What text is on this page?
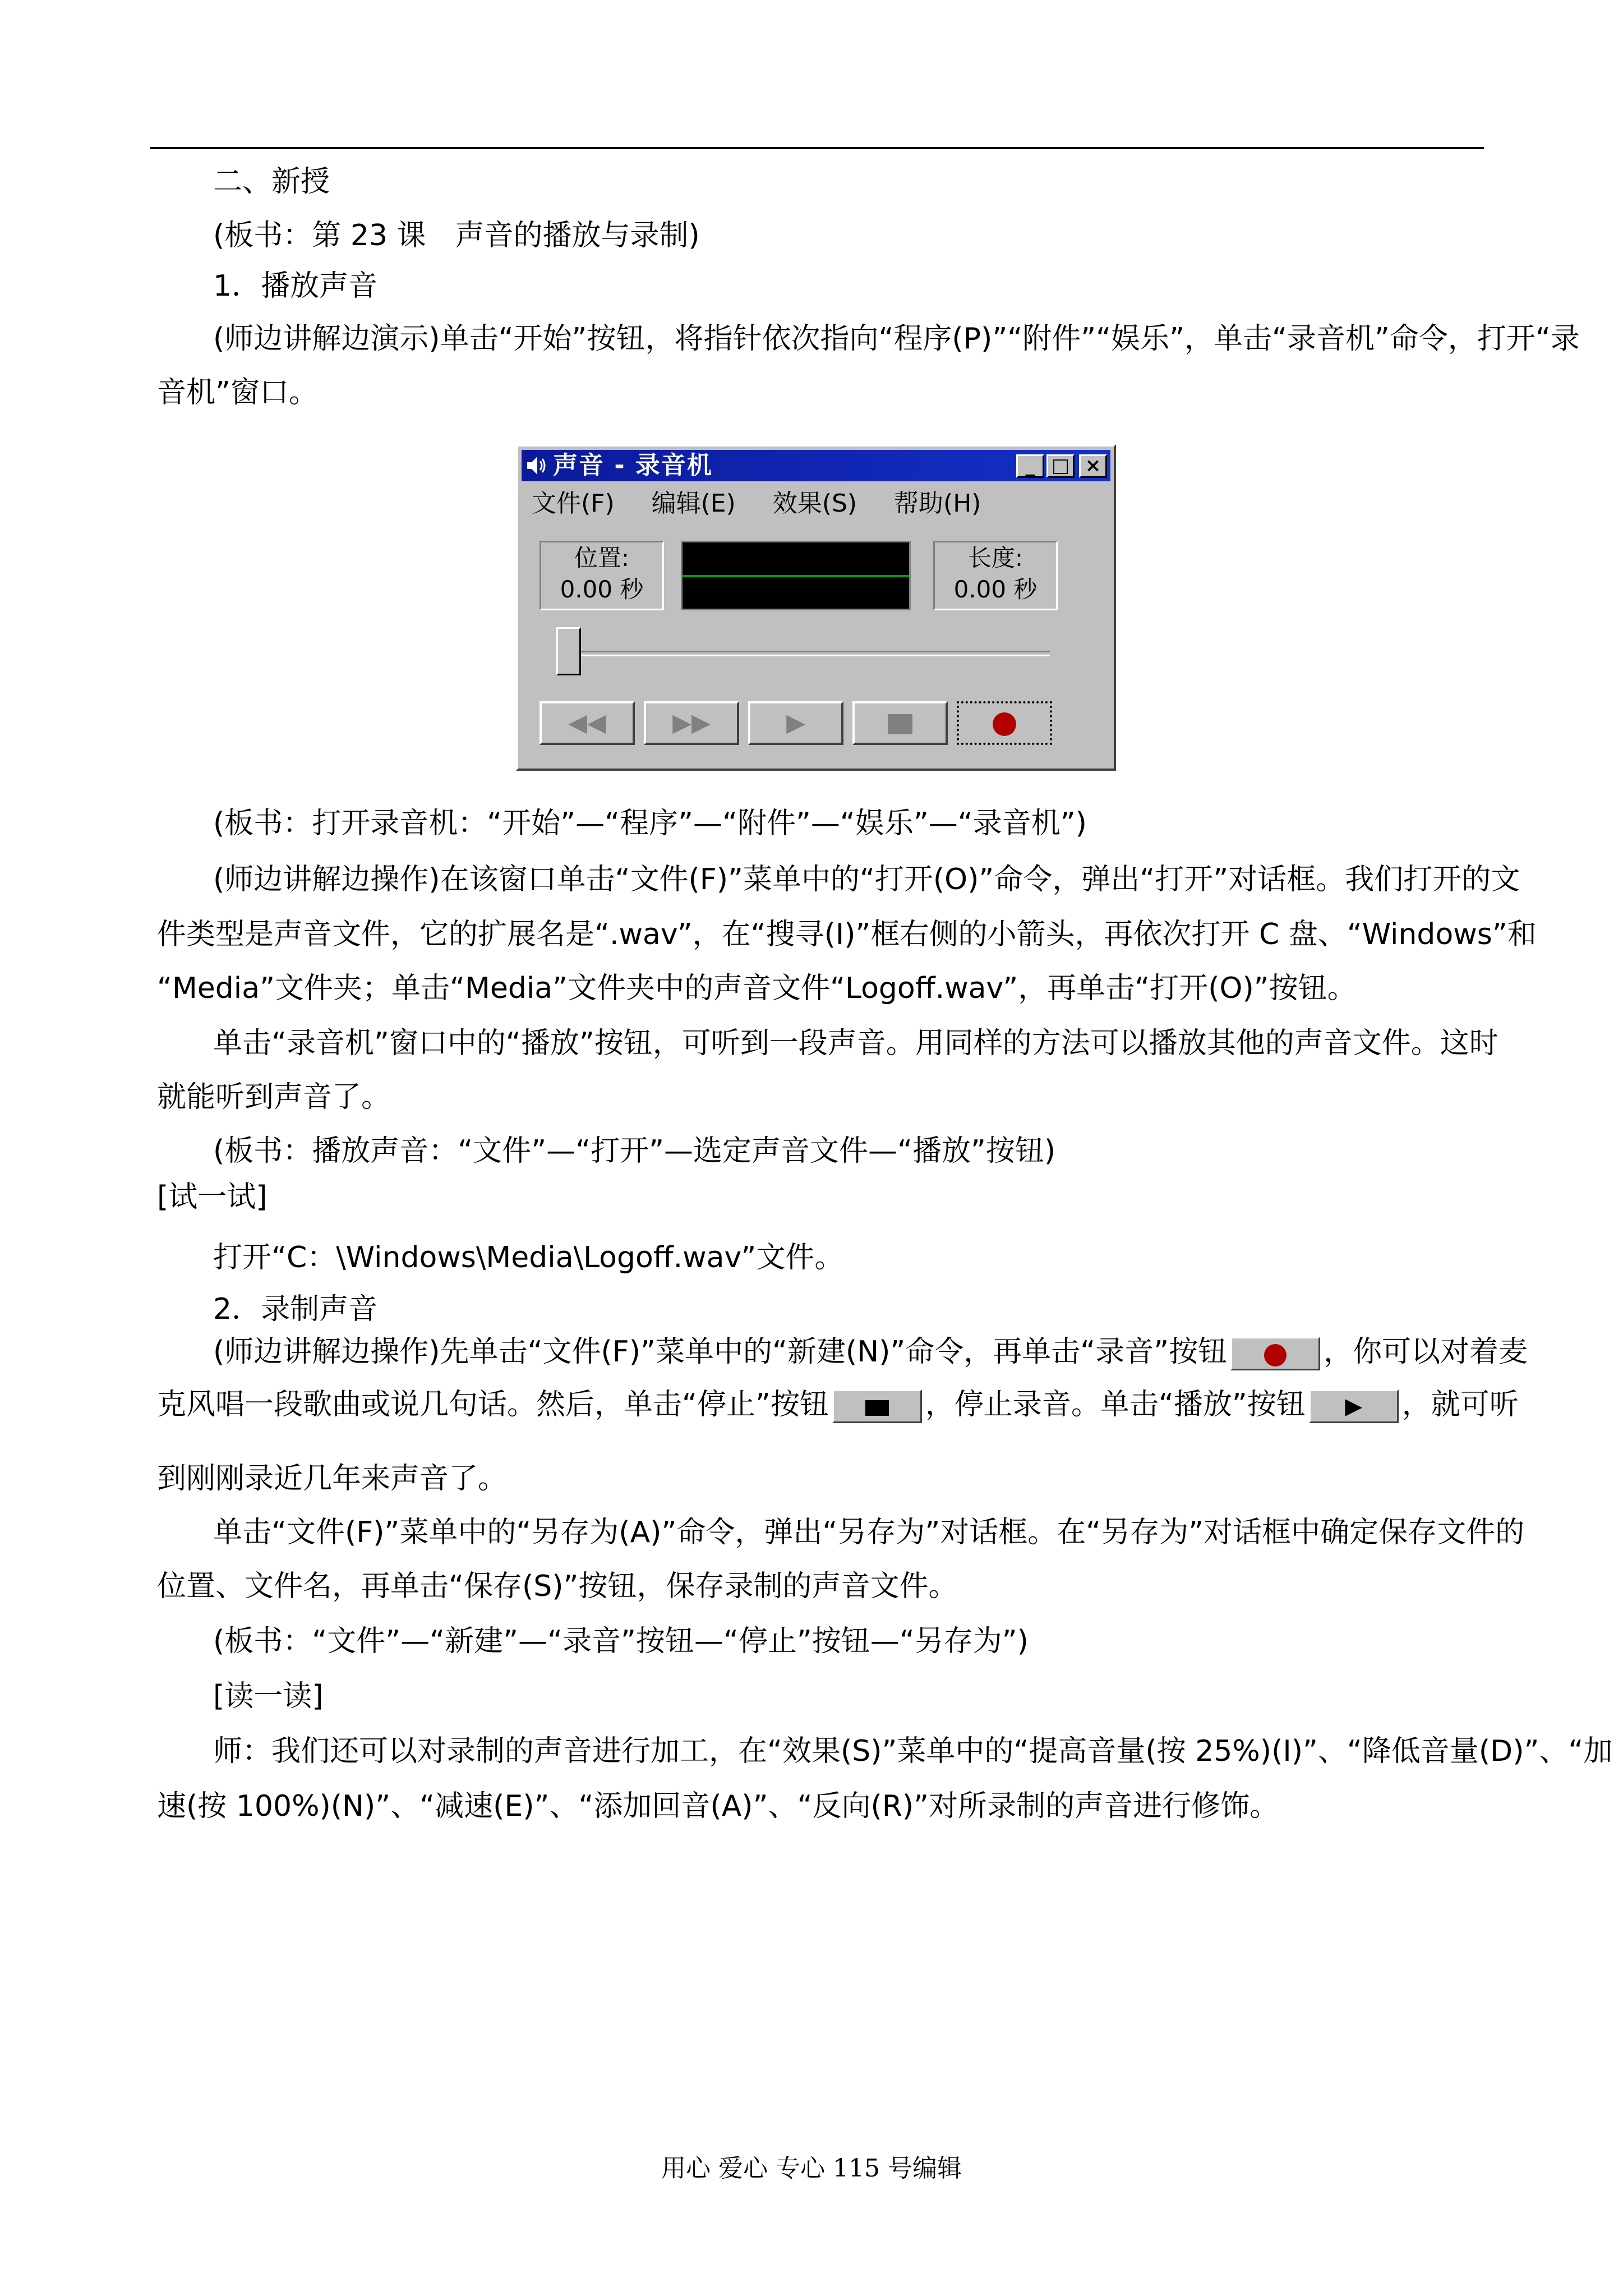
二、新授
(板书：第 23 课　声音的播放与录制)
1．播放声音
(师边讲解边演示)单击“开始”按钮，将指针依次指向“程序(P)”“附件”“娱乐”，单击“录音机”命令，打开“录
音机”窗口。
声音 - 录音机	_ □ ×
文件(F) 编辑(E) 效果(S) 帮助(H)
位置:
0.00 秒
长度:
0.00 秒
◀◀	▶▶	▶
(板书：打开录音机：“开始”—“程序”—“附件”—“娱乐”—“录音机”)
(师边讲解边操作)在该窗口单击“文件(F)”菜单中的“打开(O)”命令，弹出“打开”对话框。我们打开的文
件类型是声音文件，它的扩展名是“.wav”，在“搜寻(I)”框右侧的小箭头，再依次打开 C 盘、“Windows”和
“Media”文件夹；单击“Media”文件夹中的声音文件“Logoff.wav”，再单击“打开(O)”按钮。
单击“录音机”窗口中的“播放”按钮，可听到一段声音。用同样的方法可以播放其他的声音文件。这时
就能听到声音了。
(板书：播放声音：“文件”—“打开”—选定声音文件—“播放”按钮)
[试一试]
打开“C：\Windows\Media\Logoff.wav”文件。
2．录制声音
(师边讲解边操作)先单击“文件(F)”菜单中的“新建(N)”命令，再单击“录音”按钮	，你可以对着麦
克风唱一段歌曲或说几句话。然后，单击“停止”按钮	，停止录音。单击“播放”按钮 ▶ ，就可听
到刚刚录近几年来声音了。
单击“文件(F)”菜单中的“另存为(A)”命令，弹出“另存为”对话框。在“另存为”对话框中确定保存文件的
位置、文件名，再单击“保存(S)”按钮，保存录制的声音文件。
(板书：“文件”—“新建”—“录音”按钮—“停止”按钮—“另存为”)
[读一读]
师：我们还可以对录制的声音进行加工，在“效果(S)”菜单中的“提高音量(按 25%)(I)”、“降低音量(D)”、“加
速(按 100%)(N)”、“减速(E)”、“添加回音(A)”、“反向(R)”对所录制的声音进行修饰。
用心 爱心 专心 115 号编辑
